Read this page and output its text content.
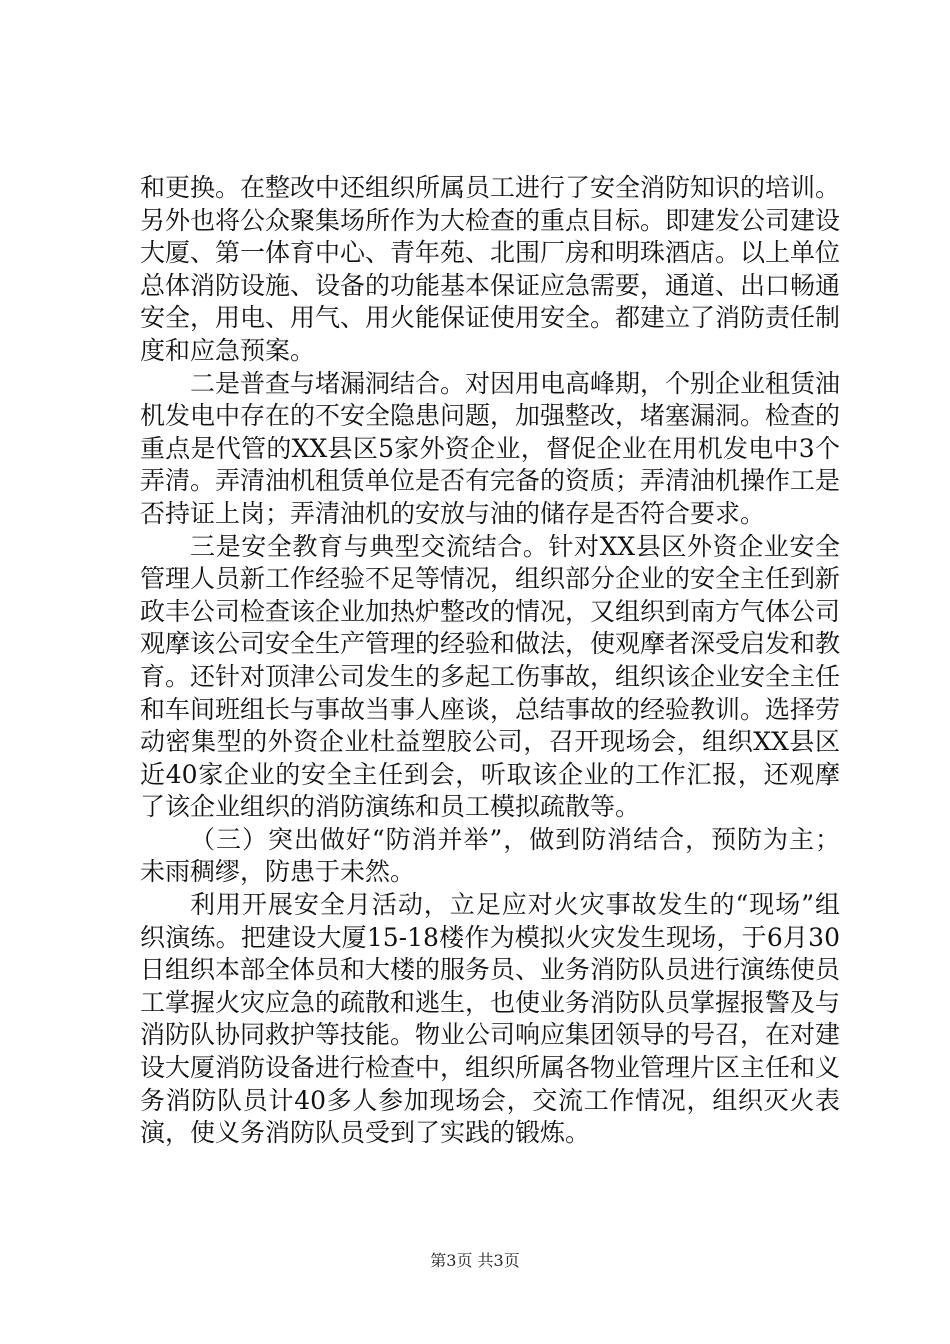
和更换。在整改中还组织所属员工进行了安全消防知识的培训。另外也将公众聚集场所作为大检查的重点目标。即建发公司建设大厦、第一体育中心、青年苑、北围厂房和明珠酒店。以上单位总体消防设施、设备的功能基本保证应急需要，通道、出口畅通安全，用电、用气、用火能保证使用安全。都建立了消防责任制度和应急预案。

二是普查与堵漏洞结合。对因用电高峰期，个别企业租赁油机发电中存在的不安全隐患问题，加强整改，堵塞漏洞。检查的重点是代管的XX县区5家外资企业，督促企业在用机发电中3个弄清。弄清油机租赁单位是否有完备的资质；弄清油机操作工是否持证上岗；弄清油机的安放与油的储存是否符合要求。

三是安全教育与典型交流结合。针对XX县区外资企业安全管理人员新工作经验不足等情况，组织部分企业的安全主任到新政丰公司检查该企业加热炉整改的情况，又组织到南方气体公司观摩该公司安全生产管理的经验和做法，使观摩者深受启发和教育。还针对顶津公司发生的多起工伤事故，组织该企业安全主任和车间班组长与事故当事人座谈，总结事故的经验教训。选择劳动密集型的外资企业杜益塑胶公司，召开现场会，组织XX县区近40家企业的安全主任到会，听取该企业的工作汇报，还观摩了该企业组织的消防演练和员工模拟疏散等。

（三）突出做好“防消并举”，做到防消结合，预防为主；未雨稠缪，防患于未然。

利用开展安全月活动，立足应对火灾事故发生的“现场”组织演练。把建设大厦15-18楼作为模拟火灾发生现场，于6月30日组织本部全体员和大楼的服务员、业务消防队员进行演练使员工掌握火灾应急的疏散和逃生，也使业务消防队员掌握报警及与消防队协同救护等技能。物业公司响应集团领导的号召，在对建设大厦消防设备进行检查中，组织所属各物业管理片区主任和义务消防队员计40多人参加现场会，交流工作情况，组织灭火表演，使义务消防队员受到了实践的锻炼。

第3页 共3页
